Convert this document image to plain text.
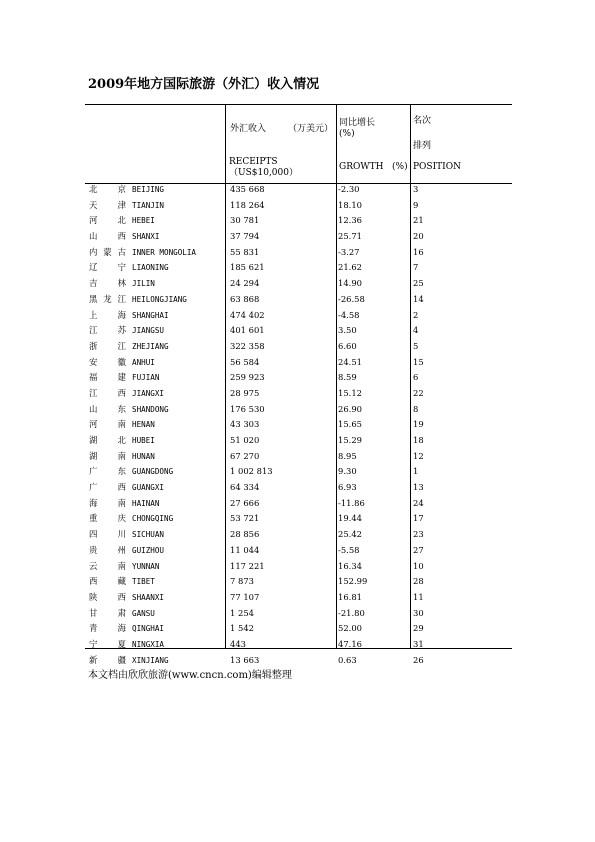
2009年地方国际旅游（外汇）收入情况
外汇收入 （万美元）
RECEIPTS
（US$10,000）
同比增长
(%)
GROWTH (%)
名次
排列
POSITION
北京 BEIJING	435 668	-2.30	3
天津 TIANJIN	118 264	18.10	9
河北 HEBEI	30 781	12.36	21
山西 SHANXI	37 794	25.71	20
内蒙古 INNER MONGOLIA	55 831	-3.27	16
辽宁 LIAONING	185 621	21.62	7
吉林 JILIN	24 294	14.90	25
黑龙江 HEILONGJIANG	63 868	-26.58	14
上海 SHANGHAI	474 402	-4.58	2
江苏 JIANGSU	401 601	3.50	4
浙江 ZHEJIANG	322 358	6.60	5
安徽 ANHUI	56 584	24.51	15
福建 FUJIAN	259 923	8.59	6
江西 JIANGXI	28 975	15.12	22
山东 SHANDONG	176 530	26.90	8
河南 HENAN	43 303	15.65	19
湖北 HUBEI	51 020	15.29	18
湖南 HUNAN	67 270	8.95	12
广东 GUANGDONG	1 002 813	9.30	1
广西 GUANGXI	64 334	6.93	13
海南 HAINAN	27 666	-11.86	24
重庆 CHONGQING	53 721	19.44	17
四川 SICHUAN	28 856	25.42	23
贵州 GUIZHOU	11 044	-5.58	27
云南 YUNNAN	117 221	16.34	10
西藏 TIBET	7 873	152.99	28
陕西 SHAANXI	77 107	16.81	11
甘肃 GANSU	1 254	-21.80	30
青海 QINGHAI	1 542	52.00	29
宁夏 NINGXIA	443	47.16	31
新疆 XINJIANG	13 663	0.63	26
本文档由欣欣旅游(www.cncn.com)编辑整理
